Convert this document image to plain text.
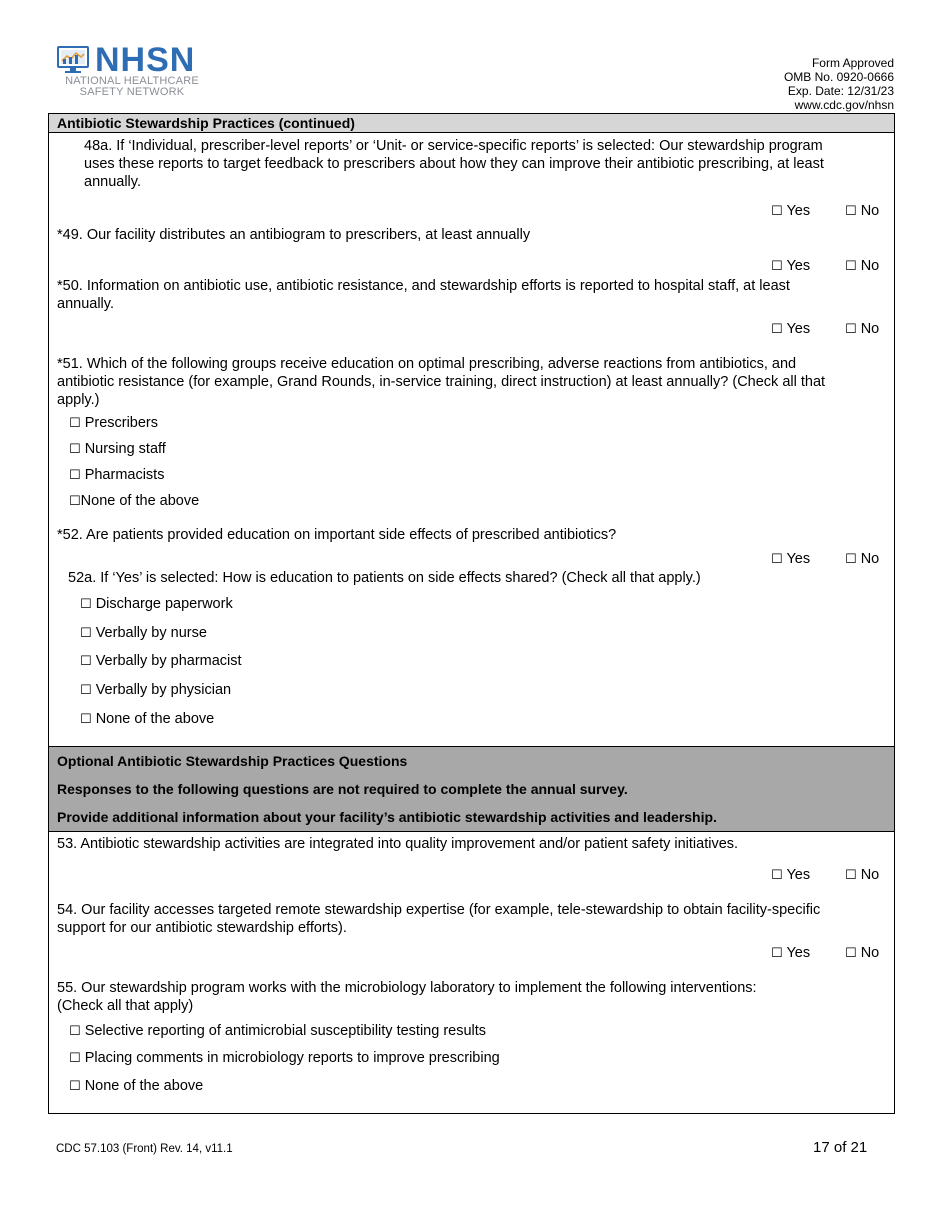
NHSN
NATIONAL HEALTHCARE
SAFETY NETWORK
Form Approved
OMB No. 0920-0666
Exp. Date: 12/31/23
www.cdc.gov/nhsn
Antibiotic Stewardship Practices (continued)
48a. If ‘Individual, prescriber-level reports’ or ‘Unit- or service-specific reports’ is selected: Our stewardship program
uses these reports to target feedback to prescribers about how they can improve their antibiotic prescribing, at least
annually.
☐ Yes	☐ No
*49. Our facility distributes an antibiogram to prescribers, at least annually
☐ Yes	☐ No
*50. Information on antibiotic use, antibiotic resistance, and stewardship efforts is reported to hospital staff, at least
annually.
☐ Yes	☐ No
*51. Which of the following groups receive education on optimal prescribing, adverse reactions from antibiotics, and
antibiotic resistance (for example, Grand Rounds, in-service training, direct instruction) at least annually? (Check all that
apply.)
☐ Prescribers
☐ Nursing staff
☐ Pharmacists
☐None of the above
*52. Are patients provided education on important side effects of prescribed antibiotics?
☐ Yes	☐ No
52a. If ‘Yes’ is selected: How is education to patients on side effects shared? (Check all that apply.)
☐ Discharge paperwork
☐ Verbally by nurse
☐ Verbally by pharmacist
☐ Verbally by physician
☐ None of the above
Optional Antibiotic Stewardship Practices Questions
Responses to the following questions are not required to complete the annual survey.
Provide additional information about your facility’s antibiotic stewardship activities and leadership.
53. Antibiotic stewardship activities are integrated into quality improvement and/or patient safety initiatives.
☐ Yes	☐ No
54. Our facility accesses targeted remote stewardship expertise (for example, tele-stewardship to obtain facility-specific
support for our antibiotic stewardship efforts).
☐ Yes	☐ No
55. Our stewardship program works with the microbiology laboratory to implement the following interventions:
(Check all that apply)
☐ Selective reporting of antimicrobial susceptibility testing results
☐ Placing comments in microbiology reports to improve prescribing
☐ None of the above
CDC 57.103 (Front) Rev. 14, v11.1	17 of 21
